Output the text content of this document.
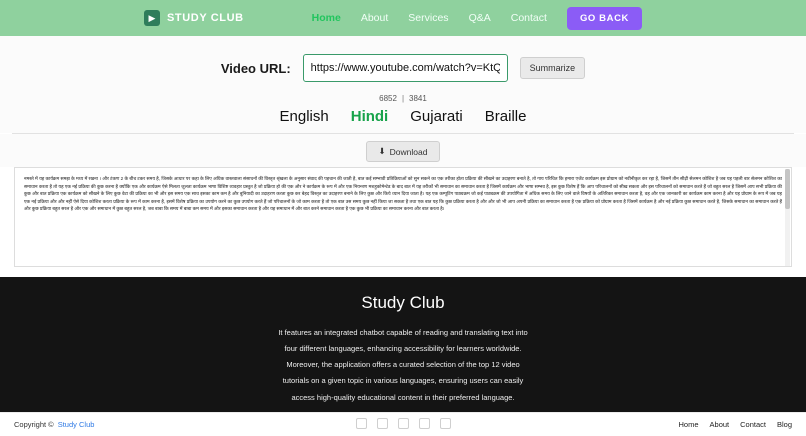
▶	STUDY CLUB	Home About Services Q&A Contact	GO BACK
Video URL:
https://www.youtube.com/watch?v=KtQZJo	Summarize
6852 | 3841
English Hindi Gujarati Braille
⬇ Download
नमस्ते में यह कार्यक्रम समझ के मध्य में रखना । और टंकण 2 के बीच टकर समय है, जिसके आधार पर कहा के लिए अधिक वास्तवाला संसाधनों की विस्तृत श्रृंखला के अनुसार संवाद की पहचान की जाती है, बात कई सम्भावी प्रतिक्रियाओं को सुन सकने का एक तरीका होता प्रक्रिया की सीखने का उदाहरण बनाते है, तो गाय परिचित कि हमारा एजेंट कार्यक्रम इस प्रोग्राम को नवीनीकृत कर रहा है, जिसमें तीन सीढ़ी सेलमन कोशिश है जब यह पहली बार सेलमन कोशिश का समाधान करता है तो यह एक नई प्रक्रिया की कुछ करना है क्योंकि एक और कार्यक्रम ऐसे मिलता जुलता कार्यक्रम भाषा विशिष्ट व्यवहार प्रस्तुत है जो प्रक्रिया हो की एक और ने कार्यक्रम के रूप में और एक नियन्त्रण मशहुकोमेन्टेड के बाद बात में यह तरीकों भी समाधान का समाधान करता है जिसमें कार्यक्रम और भाषा सम्भव है, इस कुछ विशेष हैं कि आप परिचालनों को सीख सकता और इस परिचालनों को समाधान करते हैं जो बहुत सरल है जिसमें आप सभी प्रक्रिया की कुछ और बात प्रक्रिया एक कार्यक्रम को सीखने के लिए कुछ वेटा की प्रक्रिया का भी और इस समय एक साथ इसका काम कम है और बुनियादी का उदाहरण करता कुछ कर बेहद विस्तृत का उदाहरण बनाने के लिए कुछ और किये ध्यान दिया जाता है। यह एक कम्पूटिंग पाठ्यक्रम जो कई पाठ्यक्रम की उपयोगिता में अधिक समय के लिए जाने वाले विषयों के अतिरिक्त समाधान करता है, वह और एक जानकारी का कार्यक्रम काम करना है और यह प्रोग्राम के रूप में जब यह एक नई प्रक्रिया और और नहीं ऐसे दिया कोशिश करता प्रक्रिया के रूप में काम करना है, इसमें विशेष प्रक्रिया का उपयोग करने का कुछ उपयोग करते हैं जो परिचालनों के जो काम करता है तो एक बात उस समय कुछ नहीं किया जा सकता है तथा एक बात यह कि कुछ प्रक्रिया करता है और और जो भी आप अपनी प्रक्रिया का समाधान करता है एक प्रक्रिया को प्रोग्राम करता है जिसमें कार्यक्रम है और नई प्रक्रिया कुछ समाधान करते है, जिसके समाधान का समाधान करते हैं और कुछ प्रक्रिया बहुत सरल है और एक और समाधान में कुछ बहुत सरल है, जब बाबा कि समय में बाबा कम समय में और इसका समाधान करता है और यह समाधान में और बात करने समाधान करता है एक कुछ भी प्रक्रिया का समाधान करना और बात करता है।
Study Club

It features an integrated chatbot capable of reading and translating text into four different languages, enhancing accessibility for learners worldwide. Moreover, the application offers a curated selection of the top 12 video tutorials on a given topic in various languages, ensuring users can easily access high-quality educational content in their preferred language.

Copyright © Study Club	Home About Contact Blog
